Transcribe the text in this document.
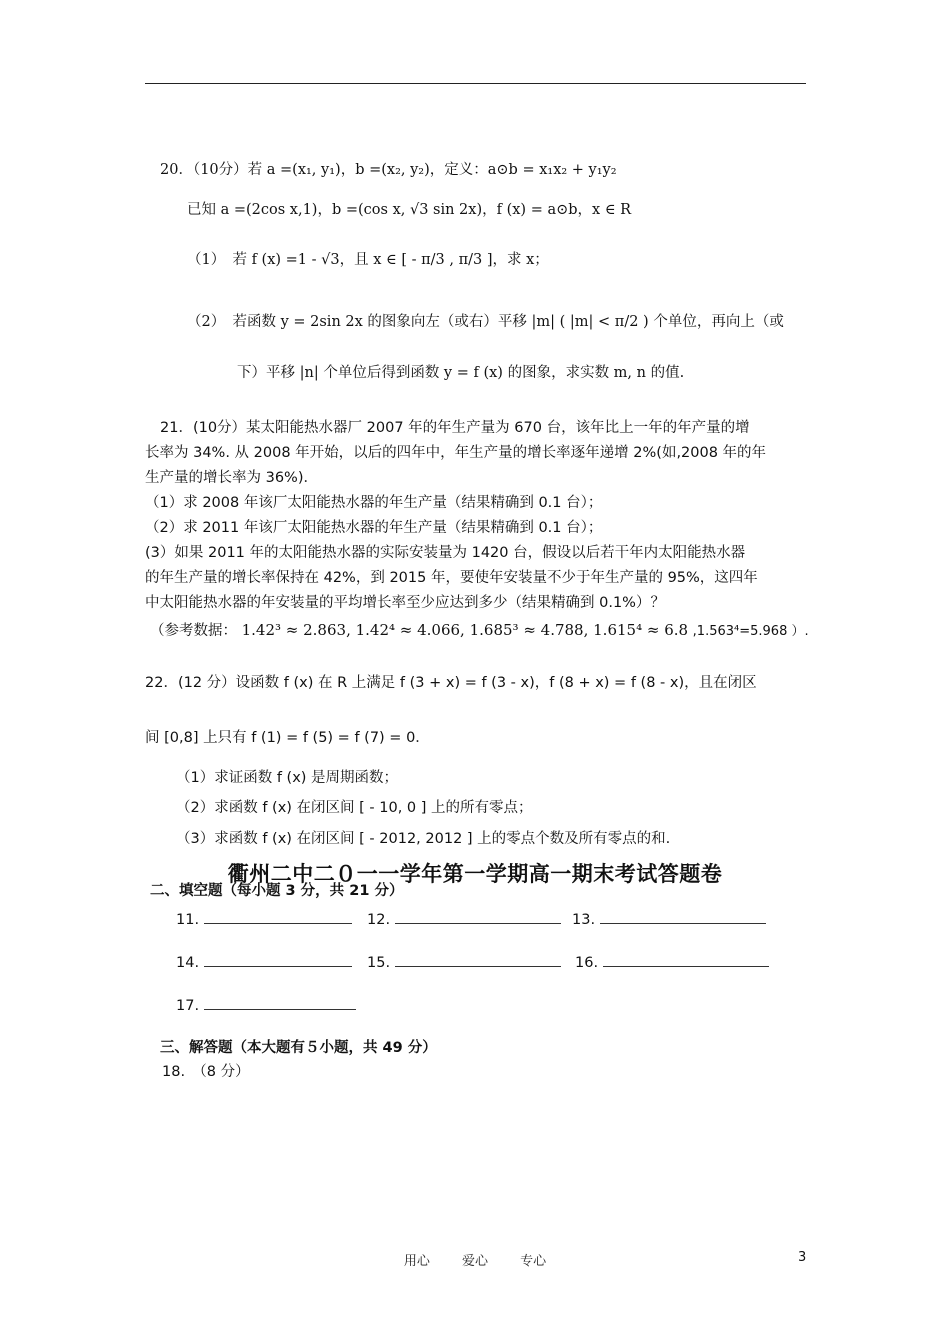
20．（10分）若 a =(x₁, y₁)，b =(x₂, y₂)，定义：a⊙b = x₁x₂ + y₁y₂
已知 a =(2cos x,1)，b =(cos x, √3 sin 2x)，f (x) = a⊙b，x ∈ R
（1）　若 f (x) =1 - √3，且 x ∈ [ - π/3 , π/3 ]，求 x；
（2）　若函数 y = 2sin 2x 的图象向左（或右）平移 |m| ( |m| < π/2 ) 个单位，再向上（或
下）平移 |n| 个单位后得到函数 y = f (x) 的图象，求实数 m, n 的值.
21．(10分）某太阳能热水器厂 2007 年的年生产量为 670 台，该年比上一年的年产量的增
长率为 34%. 从 2008 年开始，以后的四年中，年生产量的增长率逐年递增 2%(如,2008 年的年
生产量的增长率为 36%)．
（1）求 2008 年该厂太阳能热水器的年生产量（结果精确到 0.1 台）；
（2）求 2011 年该厂太阳能热水器的年生产量（结果精确到 0.1 台）；
(3）如果 2011 年的太阳能热水器的实际安装量为 1420 台，假设以后若干年内太阳能热水器
的年生产量的增长率保持在 42%，到 2015 年，要使年安装量不少于年生产量的 95%，这四年
中太阳能热水器的年安装量的平均增长率至少应达到多少（结果精确到 0.1%）？
（参考数据： 1.42³ ≈ 2.863, 1.42⁴ ≈ 4.066, 1.685³ ≈ 4.788, 1.615⁴ ≈ 6.8 ,1.563⁴=5.968 ）.
22．(12 分）设函数 f (x) 在 R 上满足 f (3 + x) = f (3 - x)，f (8 + x) = f (8 - x)，且在闭区
间 [0,8] 上只有 f (1) = f (5) = f (7) = 0．
（1）求证函数 f (x) 是周期函数；
（2）求函数 f (x) 在闭区间 [ - 10, 0 ] 上的所有零点；
（3）求函数 f (x) 在闭区间 [ - 2012, 2012 ] 上的零点个数及所有零点的和.
衢州二中二０一一学年第一学期高一期末考试答题卷
二、填空题（每小题 3 分，共 21 分）
11.	12.	13.
14.	15.	16.
17.
三、解答题（本大题有５小题，共 49 分）
18.　（8 分）
用心 爱心 专心	3
